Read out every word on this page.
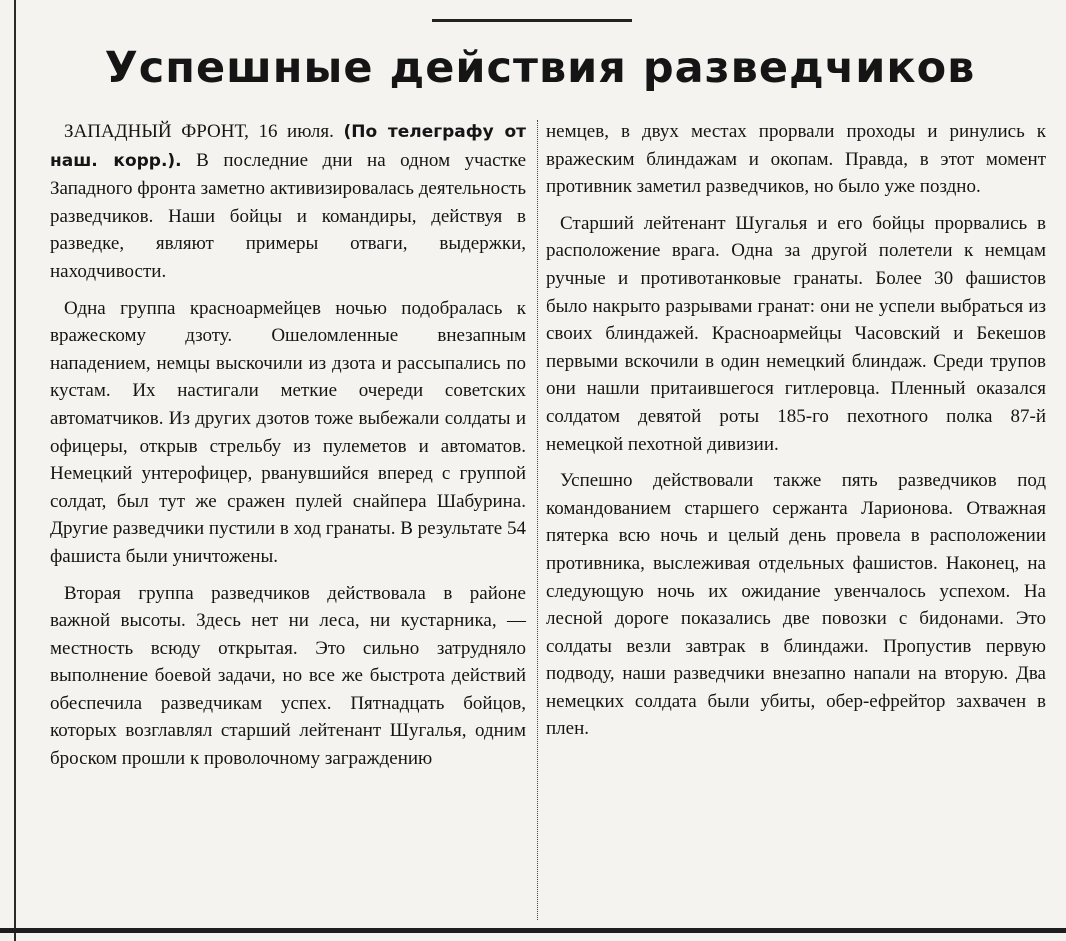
Успешные действия разведчиков

ЗАПАДНЫЙ ФРОНТ, 16 июля. (По телеграфу от наш. корр.). В последние дни на одном участке Западного фронта заметно активизировалась деятельность разведчиков. Наши бойцы и командиры, действуя в разведке, являют примеры отваги, выдержки, находчивости.

Одна группа красноармейцев ночью подобралась к вражескому дзоту. Ошеломленные внезапным нападением, немцы выскочили из дзота и рассыпались по кустам. Их настигали меткие очереди советских автоматчиков. Из других дзотов тоже выбежали солдаты и офицеры, открыв стрельбу из пулеметов и автоматов. Немецкий унтерофицер, рванувшийся вперед с группой солдат, был тут же сражен пулей снайпера Шабурина. Другие разведчики пустили в ход гранаты. В результате 54 фашиста были уничтожены.

Вторая группа разведчиков действовала в районе важной высоты. Здесь нет ни леса, ни кустарника, — местность всюду открытая. Это сильно затрудняло выполнение боевой задачи, но все же быстрота действий обеспечила разведчикам успех. Пятнадцать бойцов, которых возглавлял старший лейтенант Шугалья, одним броском прошли к проволочному заграждению

немцев, в двух местах прорвали проходы и ринулись к вражеским блиндажам и окопам. Правда, в этот момент противник заметил разведчиков, но было уже поздно.

Старший лейтенант Шугалья и его бойцы прорвались в расположение врага. Одна за другой полетели к немцам ручные и противотанковые гранаты. Более 30 фашистов было накрыто разрывами гранат: они не успели выбраться из своих блиндажей. Красноармейцы Часовский и Бекешов первыми вскочили в один немецкий блиндаж. Среди трупов они нашли притаившегося гитлеровца. Пленный оказался солдатом девятой роты 185-го пехотного полка 87-й немецкой пехотной дивизии.

Успешно действовали также пять разведчиков под командованием старшего сержанта Ларионова. Отважная пятерка всю ночь и целый день провела в расположении противника, выслеживая отдельных фашистов. Наконец, на следующую ночь их ожидание увенчалось успехом. На лесной дороге показались две повозки с бидонами. Это солдаты везли завтрак в блиндажи. Пропустив первую подводу, наши разведчики внезапно напали на вторую. Два немецких солдата были убиты, обер-ефрейтор захвачен в плен.
